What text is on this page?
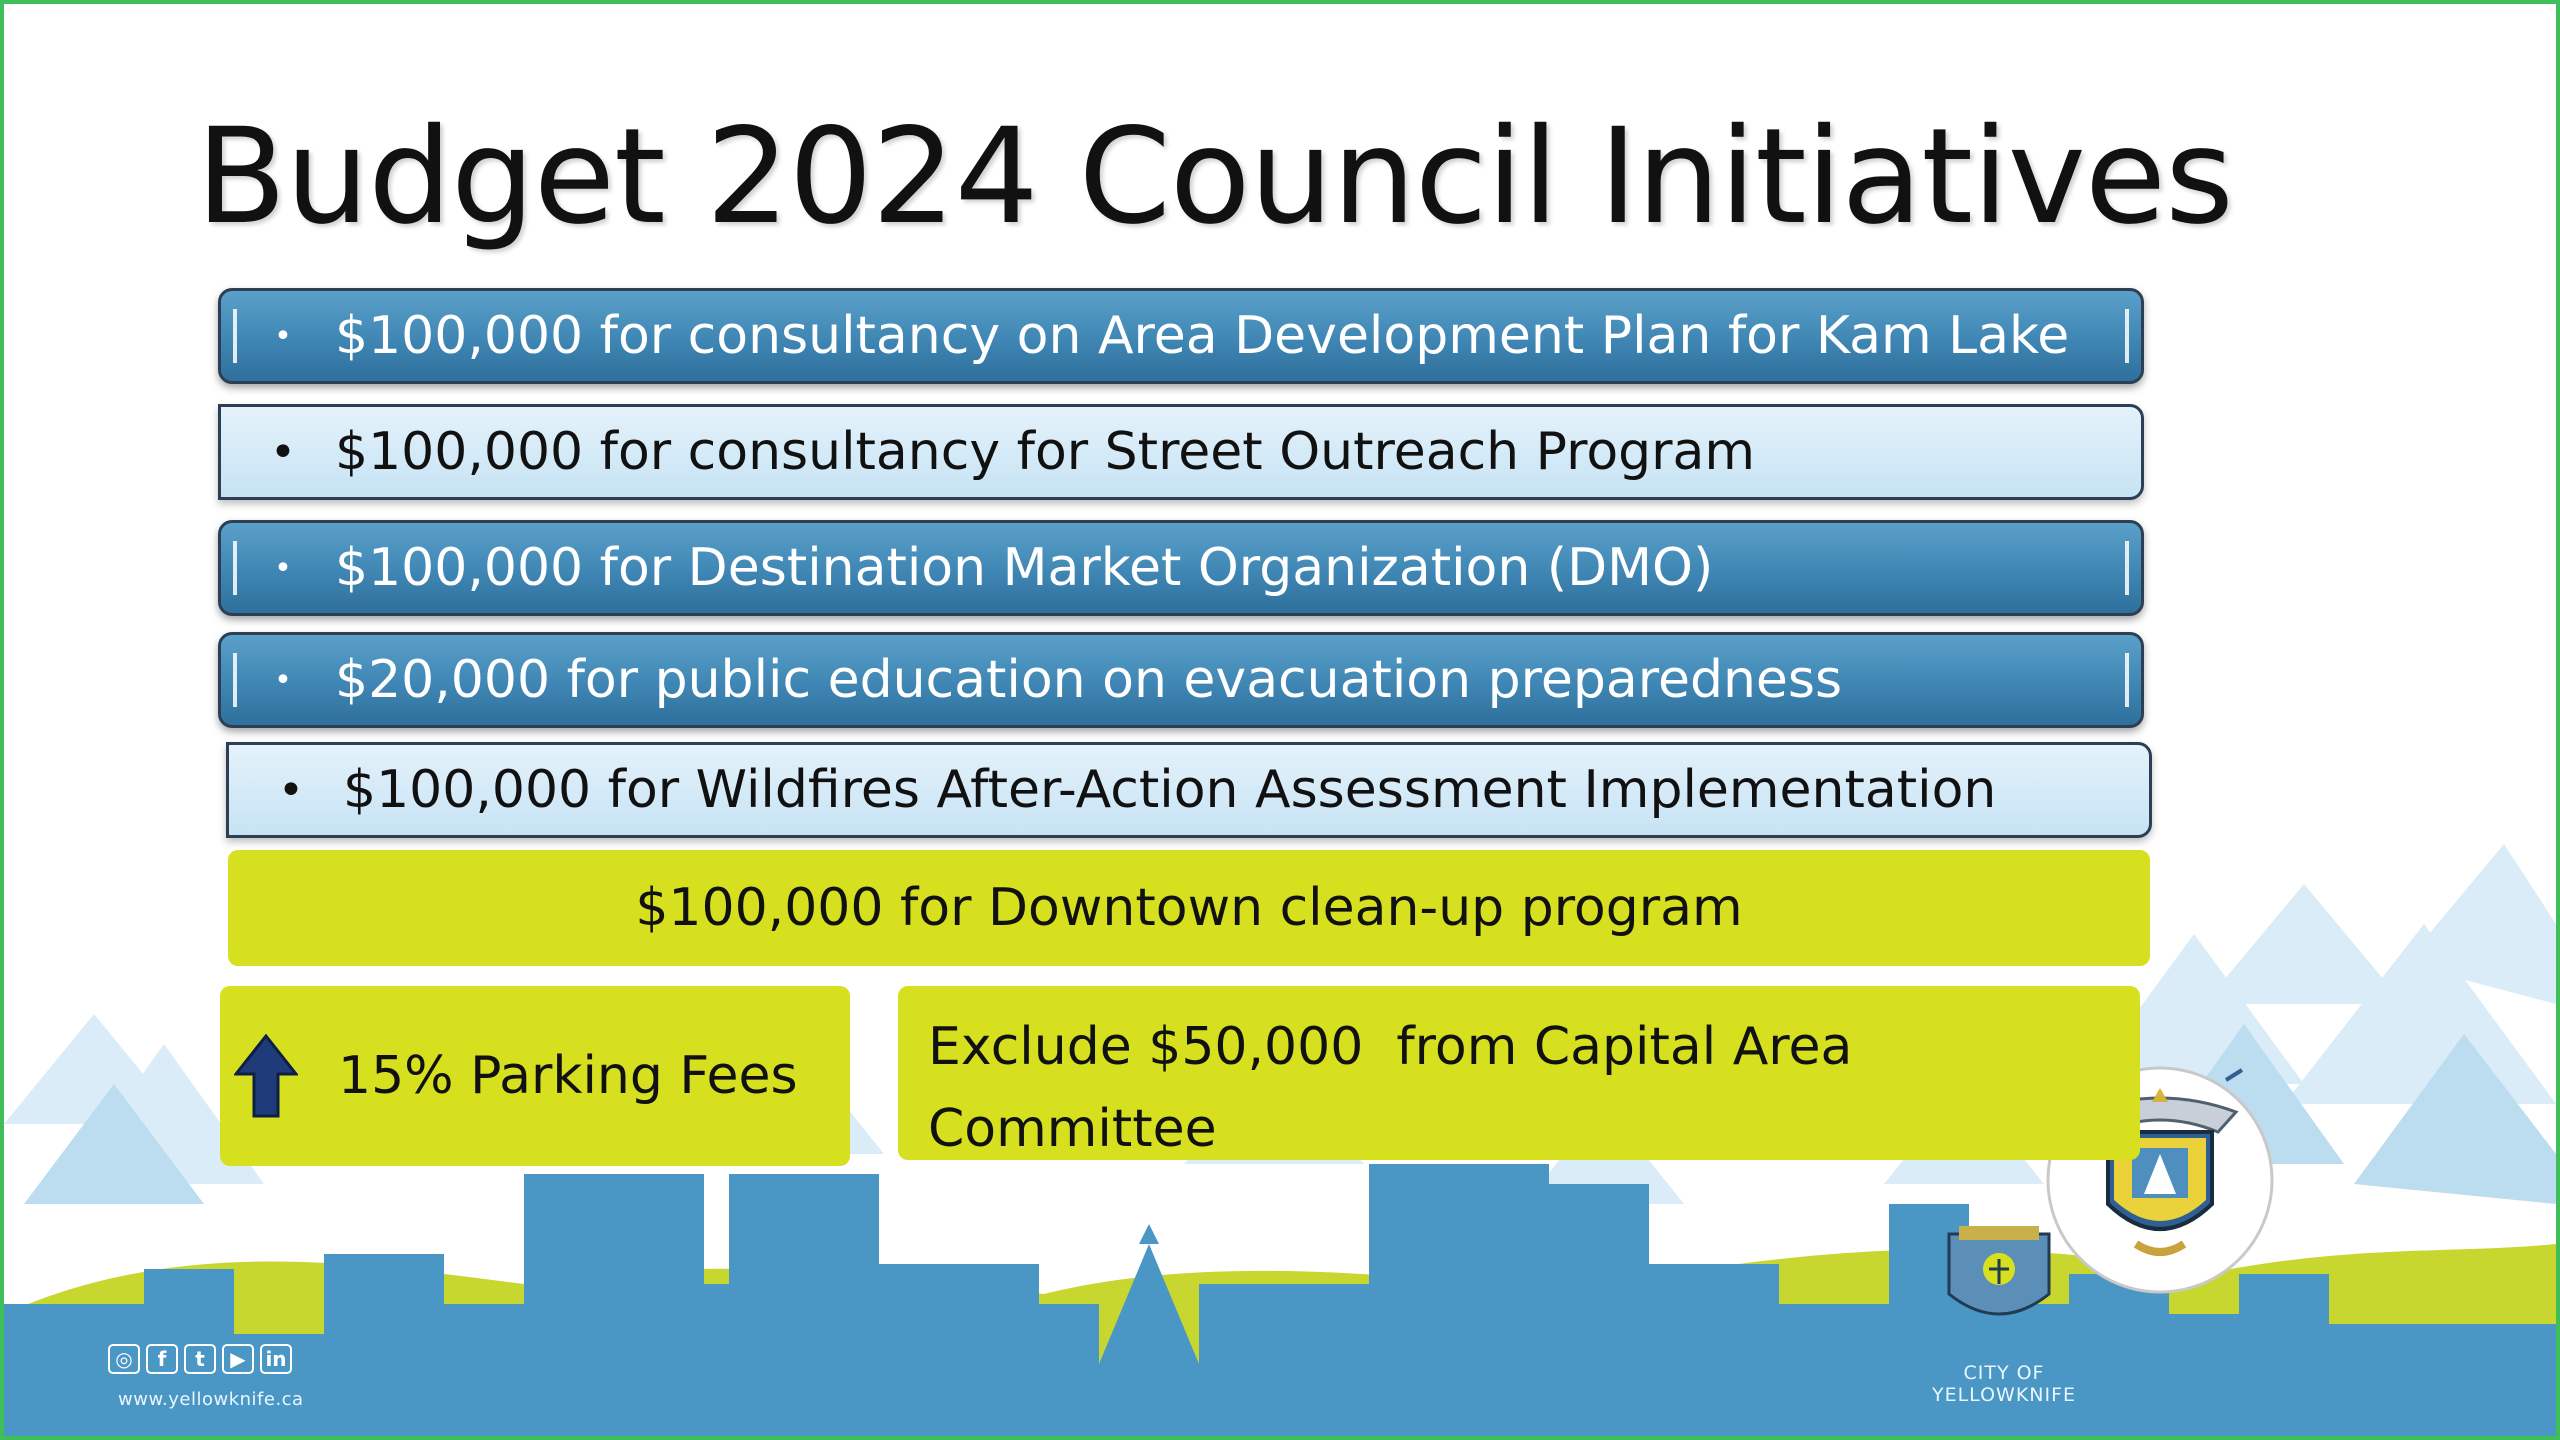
Budget 2024 Council Initiatives
• $100,000 for consultancy on Area Development Plan for Kam Lake
• $100,000 for consultancy for Street Outreach Program
• $100,000 for Destination Market Organization (DMO)
• $20,000 for public education on evacuation preparedness
• $100,000 for Wildfires After-Action Assessment Implementation
$100,000 for Downtown clean-up program
15% Parking Fees	Exclude $50,000  from Capital Area
Committee
◎	f	t	▶ in
www.yellowknife.ca
CITY OF
YELLOWKNIFE
